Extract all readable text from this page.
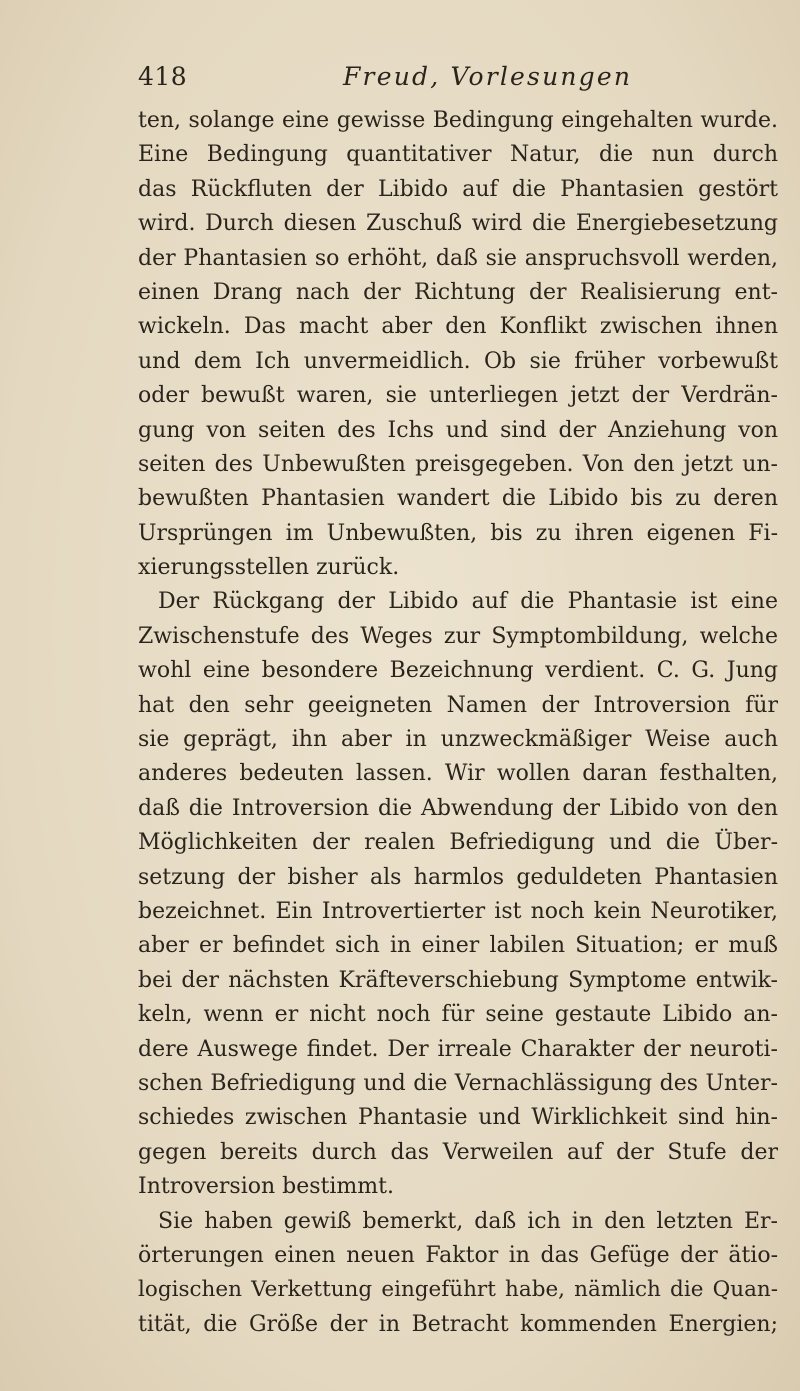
418	Freud, Vorlesungen
ten, solange eine gewisse Bedingung eingehalten wurde.
Eine Bedingung quantitativer Natur, die nun durch
das Rückfluten der Libido auf die Phantasien gestört
wird. Durch diesen Zuschuß wird die Energiebesetzung
der Phantasien so erhöht, daß sie anspruchsvoll werden,
einen Drang nach der Richtung der Realisierung ent-
wickeln. Das macht aber den Konflikt zwischen ihnen
und dem Ich unvermeidlich. Ob sie früher vorbewußt
oder bewußt waren, sie unterliegen jetzt der Verdrän-
gung von seiten des Ichs und sind der Anziehung von
seiten des Unbewußten preisgegeben. Von den jetzt un-
bewußten Phantasien wandert die Libido bis zu deren
Ursprüngen im Unbewußten, bis zu ihren eigenen Fi-
xierungsstellen zurück.
Der Rückgang der Libido auf die Phantasie ist eine
Zwischenstufe des Weges zur Symptombildung, welche
wohl eine besondere Bezeichnung verdient. C. G. Jung
hat den sehr geeigneten Namen der Introversion für
sie geprägt, ihn aber in unzweckmäßiger Weise auch
anderes bedeuten lassen. Wir wollen daran festhalten,
daß die Introversion die Abwendung der Libido von den
Möglichkeiten der realen Befriedigung und die Über-
setzung der bisher als harmlos geduldeten Phantasien
bezeichnet. Ein Introvertierter ist noch kein Neurotiker,
aber er befindet sich in einer labilen Situation; er muß
bei der nächsten Kräfteverschiebung Symptome entwik-
keln, wenn er nicht noch für seine gestaute Libido an-
dere Auswege findet. Der irreale Charakter der neuroti-
schen Befriedigung und die Vernachlässigung des Unter-
schiedes zwischen Phantasie und Wirklichkeit sind hin-
gegen bereits durch das Verweilen auf der Stufe der
Introversion bestimmt.
Sie haben gewiß bemerkt, daß ich in den letzten Er-
örterungen einen neuen Faktor in das Gefüge der ätio-
logischen Verkettung eingeführt habe, nämlich die Quan-
tität, die Größe der in Betracht kommenden Energien;
